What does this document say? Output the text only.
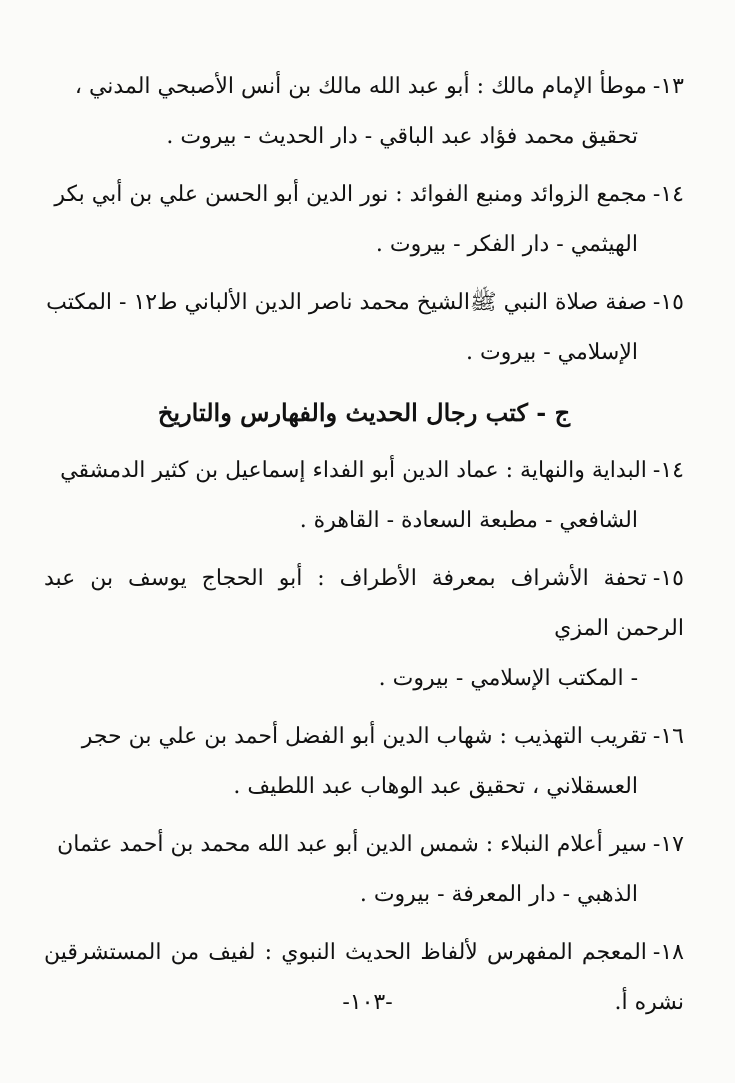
١٣-موطأ الإمام مالك : أبو عبد الله مالك بن أنس الأصبحي المدني ،
تحقيق محمد فؤاد عبد الباقي - دار الحديث - بيروت .
١٤-مجمع الزوائد ومنبع الفوائد : نور الدين أبو الحسن علي بن أبي بكر
الهيثمي - دار الفكر - بيروت .
١٥-صفة صلاة النبي ﷺالشيخ محمد ناصر الدين الألباني ط١٢ - المكتب
الإسلامي - بيروت .
ج - كتب رجال الحديث والفهارس والتاريخ
١٤-البداية والنهاية : عماد الدين أبو الفداء إسماعيل بن كثير الدمشقي
الشافعي - مطبعة السعادة - القاهرة .
١٥-تحفة الأشراف بمعرفة الأطراف : أبو الحجاج يوسف بن عبد الرحمن المزي
- المكتب الإسلامي - بيروت .
١٦-تقريب التهذيب : شهاب الدين أبو الفضل أحمد بن علي بن حجر
العسقلاني ، تحقيق عبد الوهاب عبد اللطيف .
١٧-سير أعلام النبلاء : شمس الدين أبو عبد الله محمد بن أحمد عثمان
الذهبي - دار المعرفة - بيروت .
١٨-المعجم المفهرس لألفاظ الحديث النبوي : لفيف من المستشرقين نشره أ.
-١٠٣-
